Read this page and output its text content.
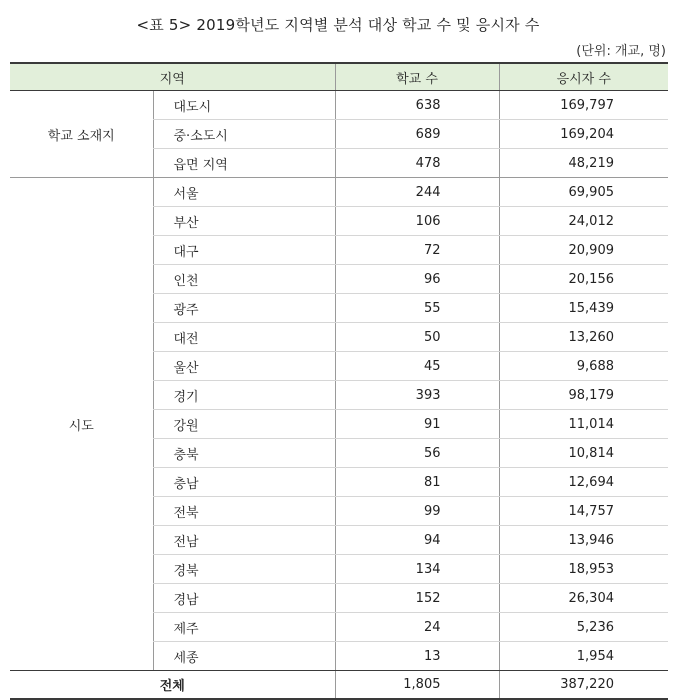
<표 5> 2019학년도 지역별 분석 대상 학교 수 및 응시자 수
(단위: 개교, 명)
지역		학교 수	응시자 수
학교 소재지	대도시	638	169,797
	중·소도시	689	169,204
	읍면 지역	478	48,219
시도	서울	244	69,905
	부산	106	24,012
	대구	72	20,909
	인천	96	20,156
	광주	55	15,439
	대전	50	13,260
	울산	45	9,688
	경기	393	98,179
	강원	91	11,014
	충북	56	10,814
	충남	81	12,694
	전북	99	14,757
	전남	94	13,946
	경북	134	18,953
	경남	152	26,304
	제주	24	5,236
	세종	13	1,954
전체		1,805	387,220
